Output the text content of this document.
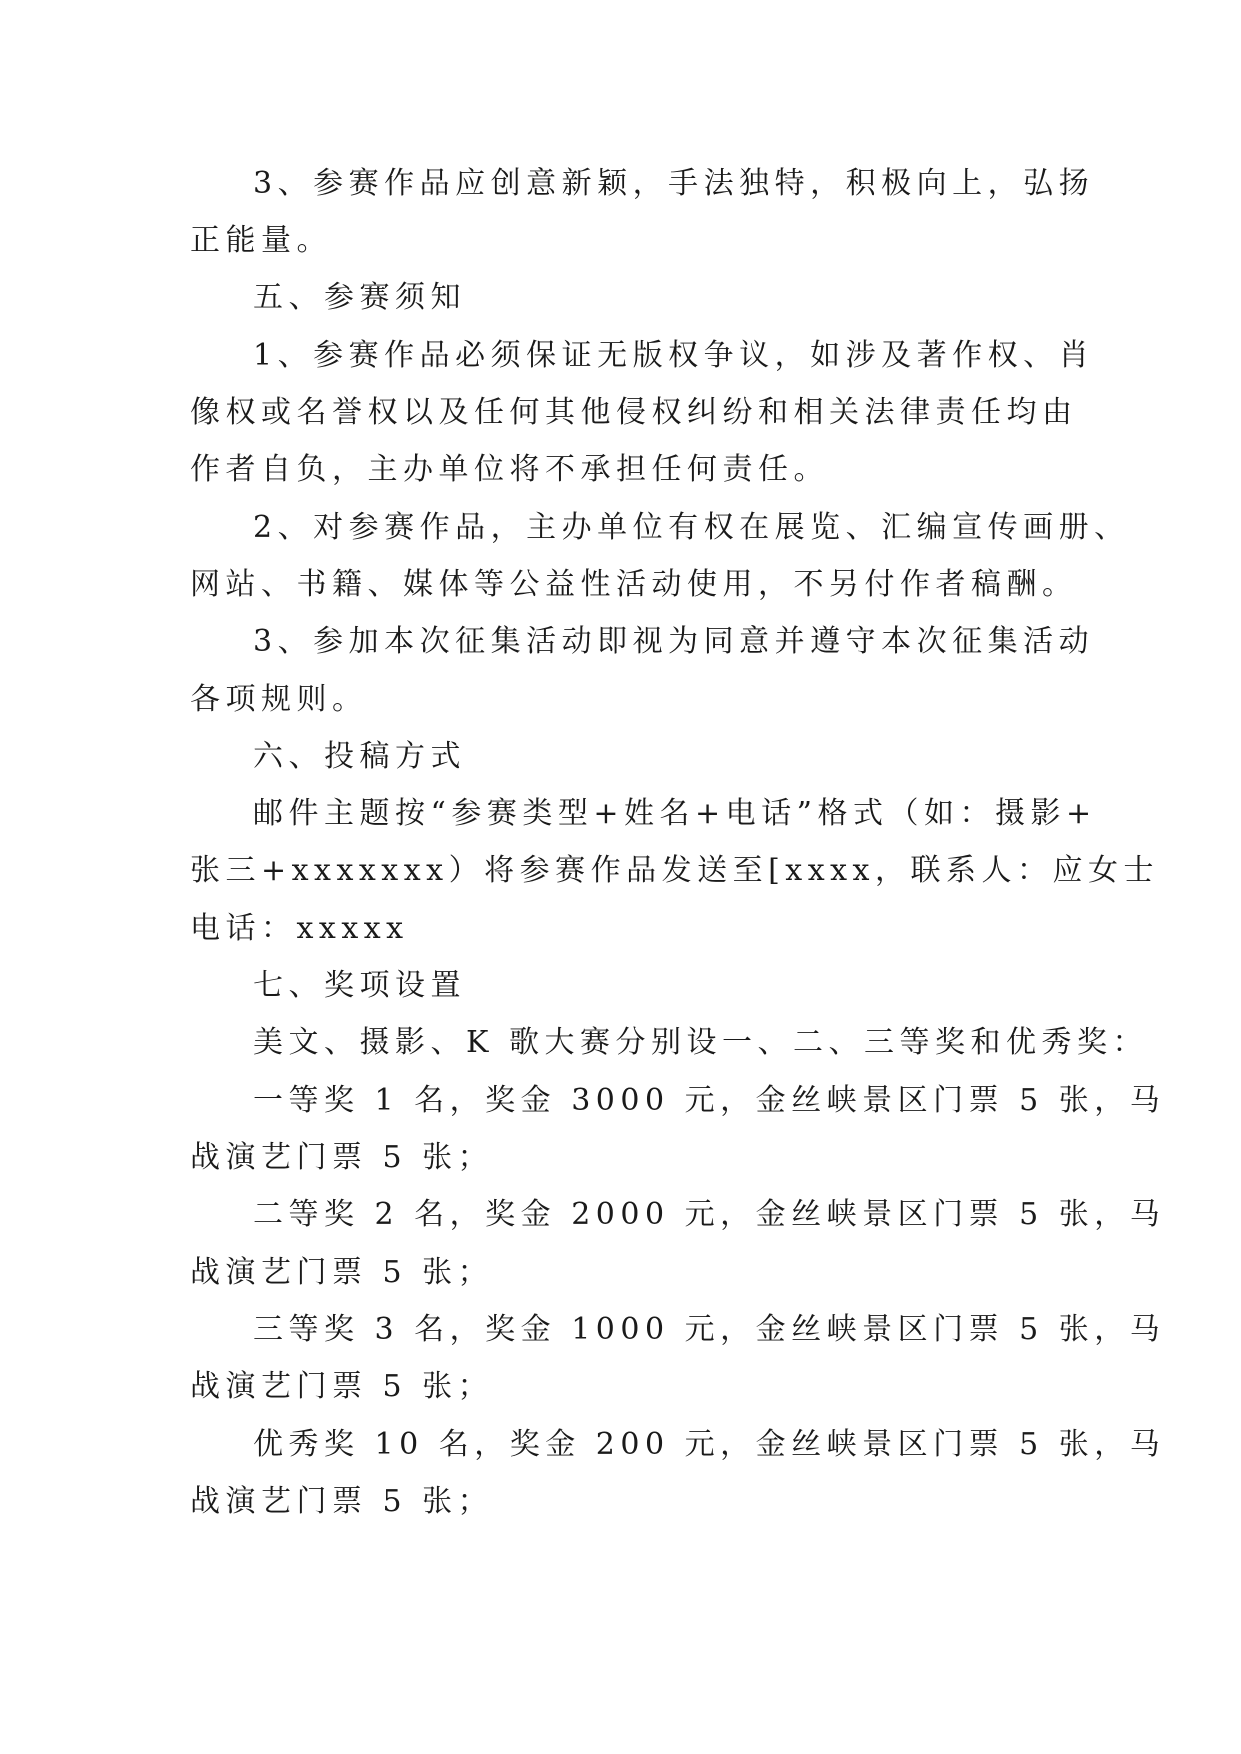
3、参赛作品应创意新颖，手法独特，积极向上，弘扬
正能量。
五、参赛须知
1、参赛作品必须保证无版权争议，如涉及著作权、肖
像权或名誉权以及任何其他侵权纠纷和相关法律责任均由
作者自负，主办单位将不承担任何责任。
2、对参赛作品，主办单位有权在展览、汇编宣传画册、
网站、书籍、媒体等公益性活动使用，不另付作者稿酬。
3、参加本次征集活动即视为同意并遵守本次征集活动
各项规则。
六、投稿方式
邮件主题按“参赛类型+姓名+电话”格式（如：摄影+
张三+xxxxxxx）将参赛作品发送至[xxxx，联系人：应女士
电话：xxxxx
七、奖项设置
美文、摄影、K 歌大赛分别设一、二、三等奖和优秀奖：
一等奖 1 名，奖金 3000 元，金丝峡景区门票 5 张，马
战演艺门票 5 张；
二等奖 2 名，奖金 2000 元，金丝峡景区门票 5 张，马
战演艺门票 5 张；
三等奖 3 名，奖金 1000 元，金丝峡景区门票 5 张，马
战演艺门票 5 张；
优秀奖 10 名，奖金 200 元，金丝峡景区门票 5 张，马
战演艺门票 5 张；
